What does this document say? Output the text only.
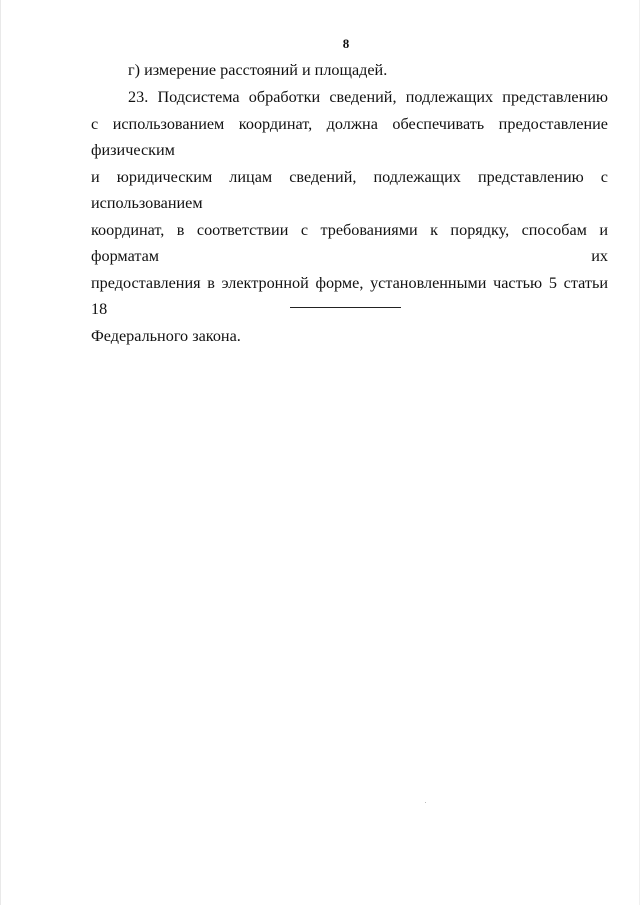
8
г) измерение расстояний и площадей.
23. Подсистема обработки сведений, подлежащих представлению
с использованием координат, должна обеспечивать предоставление физическим
и юридическим лицам сведений, подлежащих представлению с использованием
координат, в соответствии с требованиями к порядку, способам и форматам их
предоставления в электронной форме, установленными частью 5 статьи 18
Федерального закона.
